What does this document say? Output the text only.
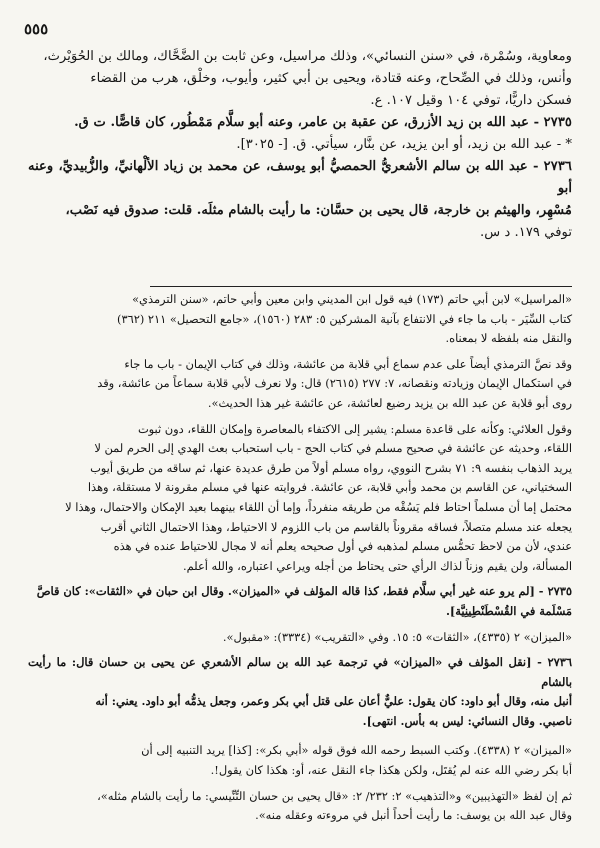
٥٥٥

ومعاوية، وسُمْرة، في «سنن النسائي»، وذلك مراسيل، وعن ثابت بن الضَّحَّاك، ومالك بن الحُوَيْرث،

وأنس، وذلك في الصِّحاح، وعنه قتادة، ويحيى بن أبي كثير، وأيوب، وخلْق، هرب من القضاء

فسكن داريًّا، توفي ١٠٤ وقيل ١٠٧. ع.

٢٧٣٥ - عبد الله بن زيد الأزرق، عن عقبة بن عامر، وعنه أبو سلَّام مَمْطُور، كان قاصًّا. ت ق.

* - عبد الله بن زيد، أو ابن يزيد، عن بنَّار، سيأتي. ق. [- ٣٠٢٥].

٢٧٣٦ - عبد الله بن سالم الأشعريُّ الحمصيُّ أبو يوسف، عن محمد بن زياد الألْهانيِّ، والزُّبيديِّ، وعنه أبو

مُسْهِر، والهيثم بن خارجة، قال يحيى بن حسَّان: ما رأيت بالشام مثلَه. قلت: صدوق فيه نَصْب،

توفي ١٧٩. د س.

«المراسيل» لابن أبي حاتم (١٧٣) فيه قول ابن المديني وابن معين وأبي حاتم، «سنن الترمذي»

كتاب السِّيَر - باب ما جاء في الانتفاع بآنية المشركين ٥: ٢٨٣ (١٥٦٠)، «جامع التحصيل» ٢١١ (٣٦٢)

والنقل منه بلفظه لا بمعناه.

وقد نصَّ الترمذي أيضاً على عدم سماع أبي قلابة من عائشة، وذلك في كتاب الإيمان - باب ما جاء

في استكمال الإيمان وزيادته ونقصانه، ٧: ٢٧٧ (٢٦١٥) قال: ولا نعرف لأبي قلابة سماعاً من عائشة، وقد

روى أبو قلابة عن عبد الله بن يزيد رضيع لعائشة، عن عائشة غير هذا الحديث».

وقول العلائي: وكأنه على قاعدة مسلم: يشير إلى الاكتفاء بالمعاصرة وإمكان اللقاء، دون ثبوت

اللقاء، وحديثه عن عائشة في صحيح مسلم في كتاب الحج - باب استحباب بعث الهدي إلى الحرم لمن لا

يريد الذهاب بنفسه ٩: ٧١ بشرح النووي، رواه مسلم أولاً من طرق عديدة عنها، ثم ساقه من طريق أيوب

السختياني، عن القاسم بن محمد وأبي قلابة، عن عائشة. فروايته عنها في مسلم مقرونة لا مستقلة، وهذا

محتمل إما أن مسلماً احتاط فلم يَسُقْه من طريقه منفرداً، وإما أن اللقاء بينهما بعيد الإمكان والاحتمال، وهذا لا

يجعله عند مسلم متصلاً، فساقه مقروناً بالقاسم من باب اللزوم لا الاحتياط، وهذا الاحتمال الثاني أقرب

عندي، لأن من لاحظ تحمُّس مسلم لمذهبه في أول صحيحه يعلم أنه لا مجال للاحتياط عنده في هذه

المسألة، ولن يقيم وزناً لذاك الرأي حتى يحتاط من أجله ويراعي اعتباره، والله أعلم.

٢٧٣٥ - [لم يرو عنه غير أبي سلَّام فقط، كذا قاله المؤلف في «الميزان». وقال ابن حبان في «الثقات»: كان قاصَّ

مَسْلَمة في القُسْطَنْطِينِيَّة].

«الميزان» ٢ (٤٣٣٥)، «الثقات» ٥: ١٥. وفي «التقريب» (٣٣٣٤): «مقبول».

٢٧٣٦ - [نقل المؤلف في «الميزان» في ترجمة عبد الله بن سالم الأشعري عن يحيى بن حسان قال: ما رأيت بالشام

أنبل منه، وقال أبو داود: كان يقول: عليٌّ أعان على قتل أبي بكر وعمر، وجعل يذمُّه أبو داود. يعني: أنه

ناصبي. وقال النسائي: ليس به بأس. انتهى].

«الميزان» ٢ (٤٣٣٨). وكتب السبط رحمه الله فوق قوله «أبي بكر»: [كذا] يريد التنبيه إلى أن

أبا بكر رضي الله عنه لم يُقتَل، ولكن هكذا جاء النقل عنه، أو: هكذا كان يقول!.

ثم إن لفظ «التهذيبين» و«التذهيب» ٢: ٢٣٢/ ٢: «قال يحيى بن حسان التِّنِّيسي: ما رأيت بالشام مثله»،

وقال عبد الله بن يوسف: ما رأيت أحداً أنبل في مروءته وعقله منه».
